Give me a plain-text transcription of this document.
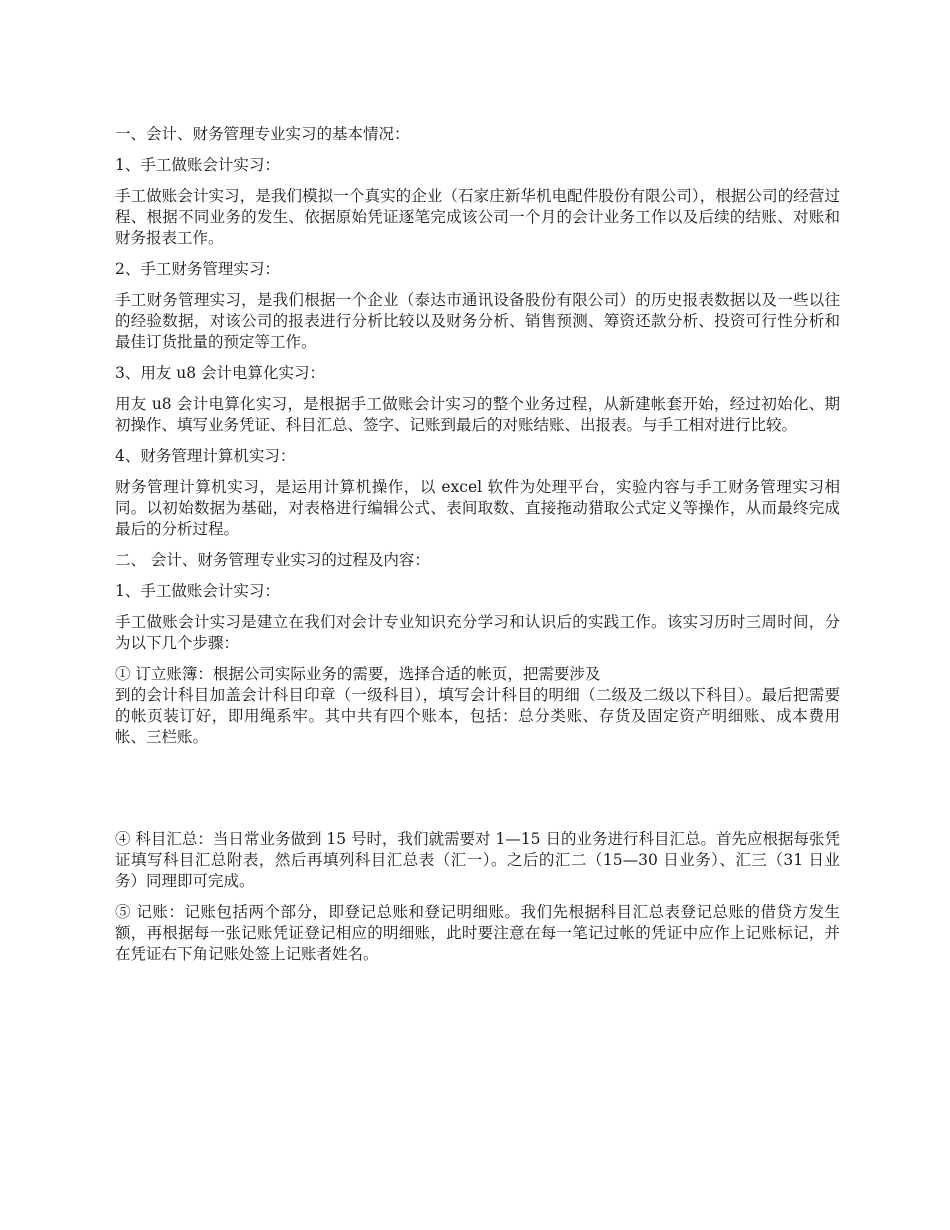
一、会计、财务管理专业实习的基本情况：

1、手工做账会计实习：

手工做账会计实习，是我们模拟一个真实的企业（石家庄新华机电配件股份有限公司），根据公司的经营过程、根据不同业务的发生、依据原始凭证逐笔完成该公司一个月的会计业务工作以及后续的结账、对账和财务报表工作。

2、手工财务管理实习：

手工财务管理实习，是我们根据一个企业（泰达市通讯设备股份有限公司）的历史报表数据以及一些以往的经验数据，对该公司的报表进行分析比较以及财务分析、销售预测、筹资还款分析、投资可行性分析和最佳订货批量的预定等工作。

3、用友 u8 会计电算化实习：

用友 u8 会计电算化实习，是根据手工做账会计实习的整个业务过程，从新建帐套开始，经过初始化、期初操作、填写业务凭证、科目汇总、签字、记账到最后的对账结账、出报表。与手工相对进行比较。

4、财务管理计算机实习：

财务管理计算机实习，是运用计算机操作，以 excel 软件为处理平台，实验内容与手工财务管理实习相同。以初始数据为基础，对表格进行编辑公式、表间取数、直接拖动猎取公式定义等操作，从而最终完成最后的分析过程。

二、 会计、财务管理专业实习的过程及内容：

1、手工做账会计实习：

手工做账会计实习是建立在我们对会计专业知识充分学习和认识后的实践工作。该实习历时三周时间，分为以下几个步骤：

① 订立账簿：根据公司实际业务的需要，选择合适的帐页，把需要涉及
到的会计科目加盖会计科目印章（一级科目），填写会计科目的明细（二级及二级以下科目）。最后把需要的帐页装订好，即用绳系牢。其中共有四个账本，包括：总分类账、存货及固定资产明细账、成本费用帐、三栏账。

④ 科目汇总：当日常业务做到 15 号时，我们就需要对 1—15 日的业务进行科目汇总。首先应根据每张凭证填写科目汇总附表，然后再填列科目汇总表（汇一）。之后的汇二（15—30 日业务）、汇三（31 日业务）同理即可完成。

⑤ 记账：记账包括两个部分，即登记总账和登记明细账。我们先根据科目汇总表登记总账的借贷方发生额，再根据每一张记账凭证登记相应的明细账，此时要注意在每一笔记过帐的凭证中应作上记账标记，并在凭证右下角记账处签上记账者姓名。
